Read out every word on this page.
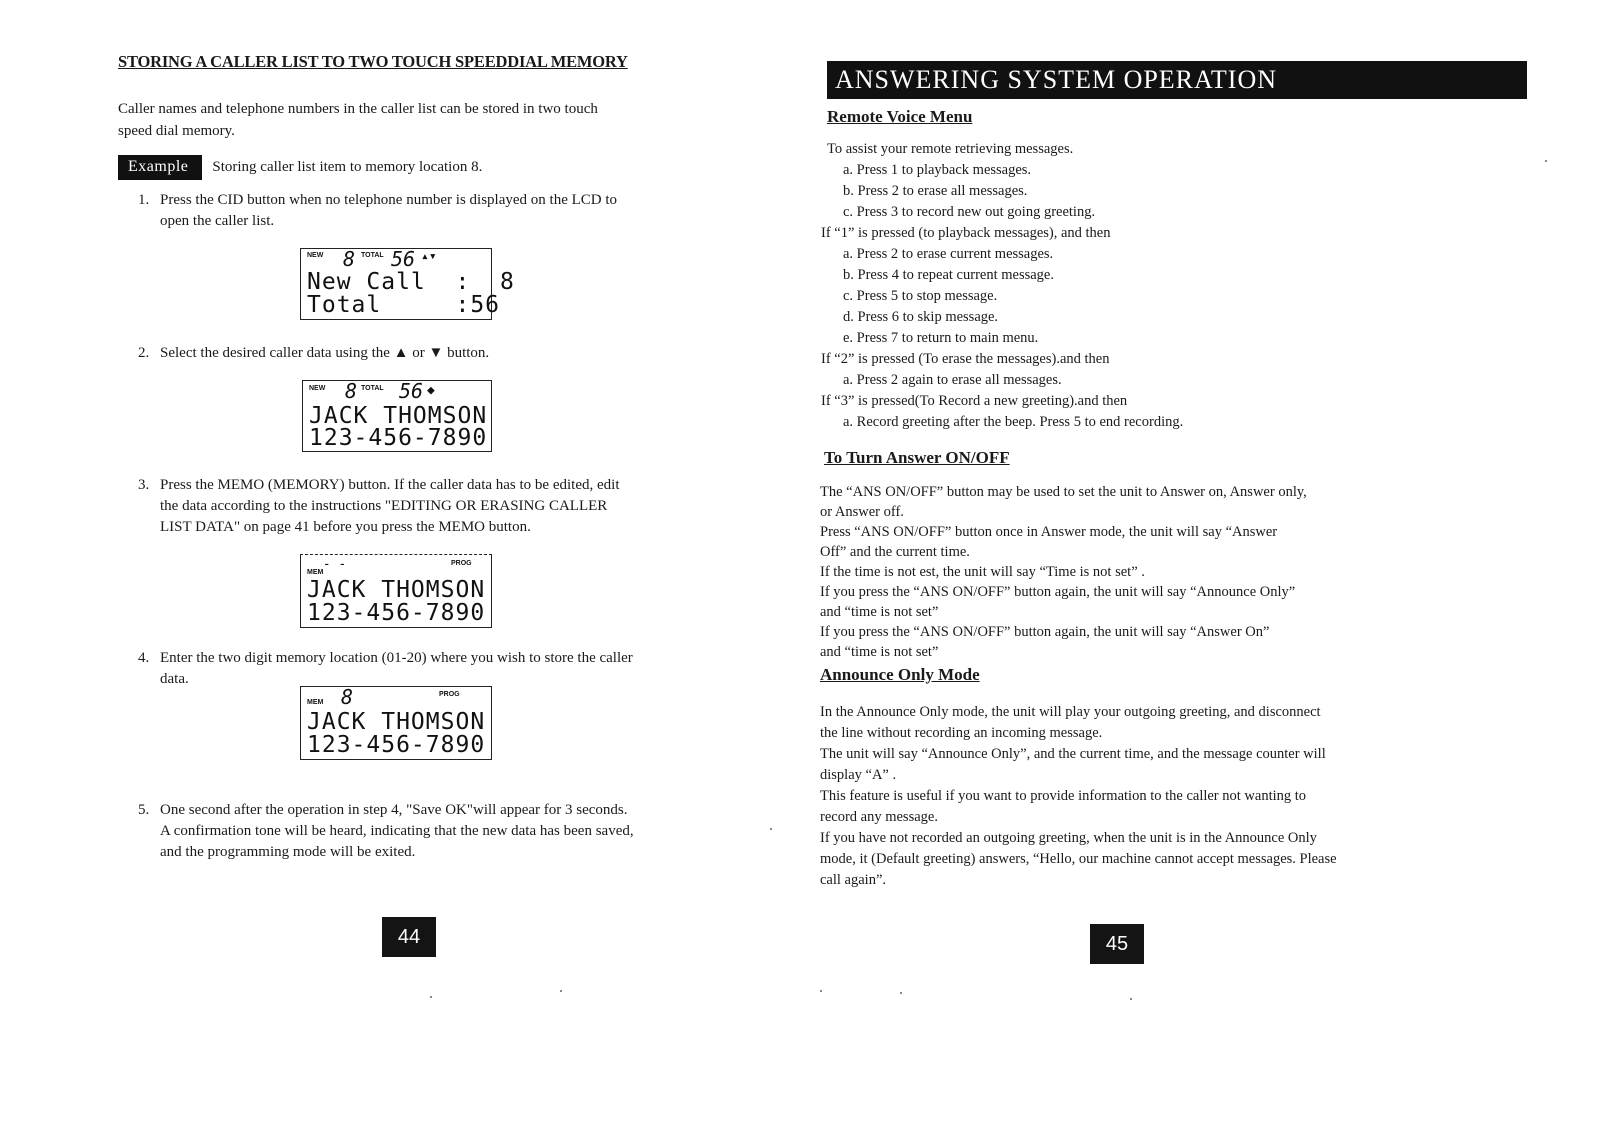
STORING A CALLER LIST TO TWO TOUCH SPEEDDIAL MEMORY

Caller names and telephone numbers in the caller list can be stored in two touch
speed dial memory.

Example	Storing caller list item to memory location 8.

1. Press the CID button when no telephone number is displayed on the LCD to
open the caller list.

NEW 8 TOTAL 56 ▴▾
New Call  :  8
Total     :56

2. Select the desired caller data using the ▲ or ▼ button.

NEW 8 TOTAL 56 ◆
JACK THOMSON
123-456-7890

3. Press the MEMO (MEMORY) button. If the caller data has to be edited, edit
the data according to the instructions "EDITING OR ERASING CALLER
LIST DATA" on page 41 before you press the MEMO button.

MEM
- -	PROG
JACK THOMSON
123-456-7890

4. Enter the two digit memory location (01-20) where you wish to store the caller
data.

MEM 8	PROG
JACK THOMSON
123-456-7890

5. One second after the operation in step 4, "Save OK"will appear for 3 seconds.
A confirmation tone will be heard, indicating that the new data has been saved,
and the programming mode will be exited.

44
ANSWERING SYSTEM OPERATION
Remote Voice Menu
To assist your remote retrieving messages.
a. Press 1 to playback messages.
b. Press 2 to erase all messages.
c. Press 3 to record new out going greeting.
If “1” is pressed (to playback messages), and then
a. Press 2 to erase current messages.
b. Press 4 to repeat current message.
c. Press 5 to stop message.
d. Press 6 to skip message.
e. Press 7 to return to main menu.
If “2” is pressed (To erase the messages).and then
a. Press 2 again to erase all messages.
If “3” is pressed(To Record a new greeting).and then
a. Record greeting after the beep. Press 5 to end recording.
To Turn Answer ON/OFF
The “ANS ON/OFF” button may be used to set the unit to Answer on, Answer only,
or Answer off.
Press “ANS ON/OFF” button once in Answer mode, the unit will say “Answer
Off” and the current time.
If the time is not est, the unit will say “Time is not set” .
If you press the “ANS ON/OFF” button again, the unit will say “Announce Only”
and “time is not set”
If you press the “ANS ON/OFF” button again, the unit will say “Answer On”
and “time is not set”
Announce Only Mode
In the Announce Only mode, the unit will play your outgoing greeting, and disconnect
the line without recording an incoming message.
The unit will say “Announce Only”, and the current time, and the message counter will
display “A” .
This feature is useful if you want to provide information to the caller not wanting to
record any message.
If you have not recorded an outgoing greeting, when the unit is in the Announce Only
mode, it (Default greeting) answers, “Hello, our machine cannot accept messages. Please
call again”.
45
